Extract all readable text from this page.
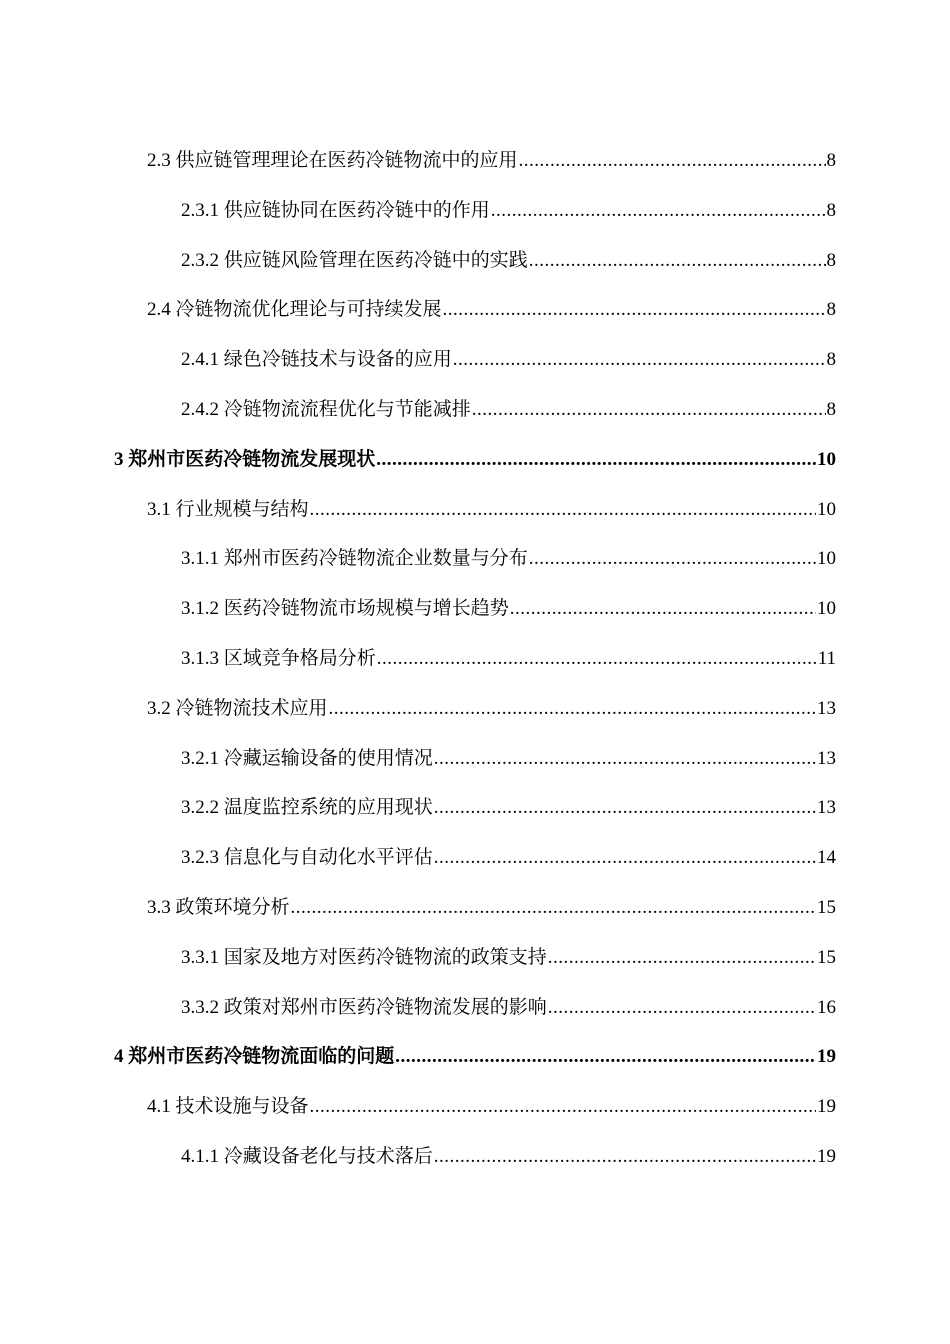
2.3 供应链管理理论在医药冷链物流中的应用 .....	8
2.3.1 供应链协同在医药冷链中的作用 .....	8
2.3.2 供应链风险管理在医药冷链中的实践 .....	8
2.4 冷链物流优化理论与可持续发展 .....	8
2.4.1 绿色冷链技术与设备的应用 .....	8
2.4.2 冷链物流流程优化与节能减排 .....	8
3 郑州市医药冷链物流发展现状 .....	10
3.1 行业规模与结构 .....	10
3.1.1 郑州市医药冷链物流企业数量与分布 .....	10
3.1.2 医药冷链物流市场规模与增长趋势 .....	10
3.1.3 区域竞争格局分析 .....	11
3.2 冷链物流技术应用 .....	13
3.2.1 冷藏运输设备的使用情况 .....	13
3.2.2 温度监控系统的应用现状 .....	13
3.2.3 信息化与自动化水平评估 .....	14
3.3 政策环境分析 .....	15
3.3.1 国家及地方对医药冷链物流的政策支持 .....	15
3.3.2 政策对郑州市医药冷链物流发展的影响 .....	16
4 郑州市医药冷链物流面临的问题 .....	19
4.1 技术设施与设备 .....	19
4.1.1 冷藏设备老化与技术落后 .....	19
